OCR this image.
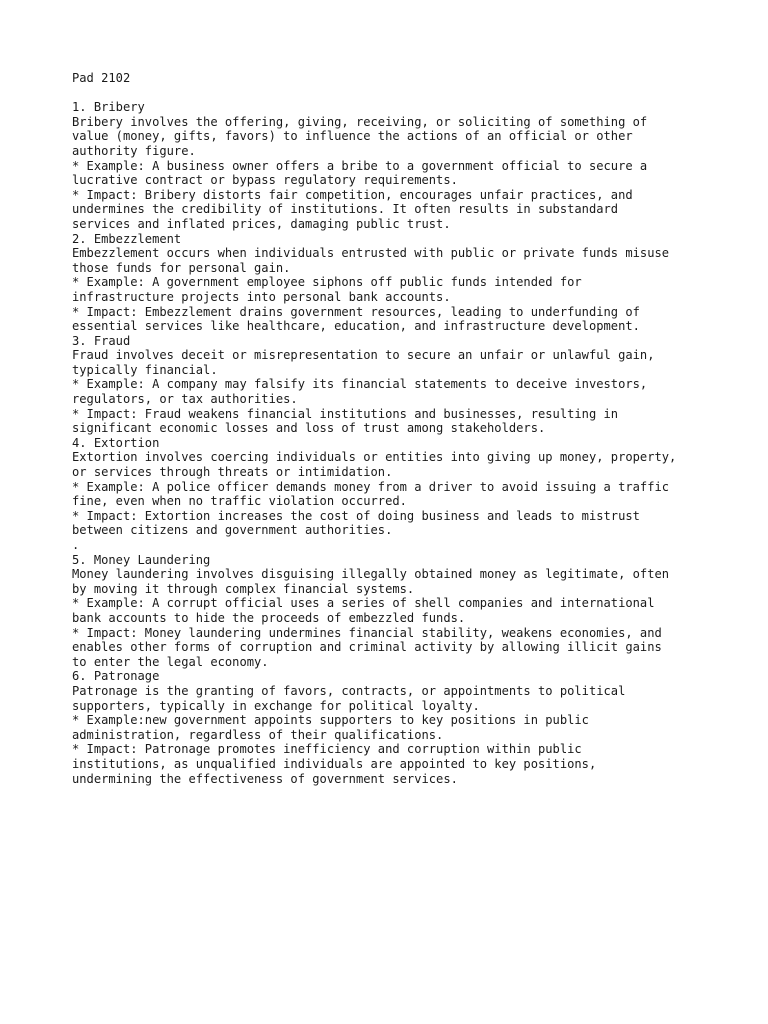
Pad 2102
1. Bribery
Bribery involves the offering, giving, receiving, or soliciting of something of
value (money, gifts, favors) to influence the actions of an official or other
authority figure.
* Example: A business owner offers a bribe to a government official to secure a
lucrative contract or bypass regulatory requirements.
* Impact: Bribery distorts fair competition, encourages unfair practices, and
undermines the credibility of institutions. It often results in substandard
services and inflated prices, damaging public trust.
2. Embezzlement
Embezzlement occurs when individuals entrusted with public or private funds misuse
those funds for personal gain.
* Example: A government employee siphons off public funds intended for
infrastructure projects into personal bank accounts.
* Impact: Embezzlement drains government resources, leading to underfunding of
essential services like healthcare, education, and infrastructure development.
3. Fraud
Fraud involves deceit or misrepresentation to secure an unfair or unlawful gain,
typically financial.
* Example: A company may falsify its financial statements to deceive investors,
regulators, or tax authorities.
* Impact: Fraud weakens financial institutions and businesses, resulting in
significant economic losses and loss of trust among stakeholders.
4. Extortion
Extortion involves coercing individuals or entities into giving up money, property,
or services through threats or intimidation.
* Example: A police officer demands money from a driver to avoid issuing a traffic
fine, even when no traffic violation occurred.
* Impact: Extortion increases the cost of doing business and leads to mistrust
between citizens and government authorities.
.
5. Money Laundering
Money laundering involves disguising illegally obtained money as legitimate, often
by moving it through complex financial systems.
* Example: A corrupt official uses a series of shell companies and international
bank accounts to hide the proceeds of embezzled funds.
* Impact: Money laundering undermines financial stability, weakens economies, and
enables other forms of corruption and criminal activity by allowing illicit gains
to enter the legal economy.
6. Patronage
Patronage is the granting of favors, contracts, or appointments to political
supporters, typically in exchange for political loyalty.
* Example:new government appoints supporters to key positions in public
administration, regardless of their qualifications.
* Impact: Patronage promotes inefficiency and corruption within public
institutions, as unqualified individuals are appointed to key positions,
undermining the effectiveness of government services.
